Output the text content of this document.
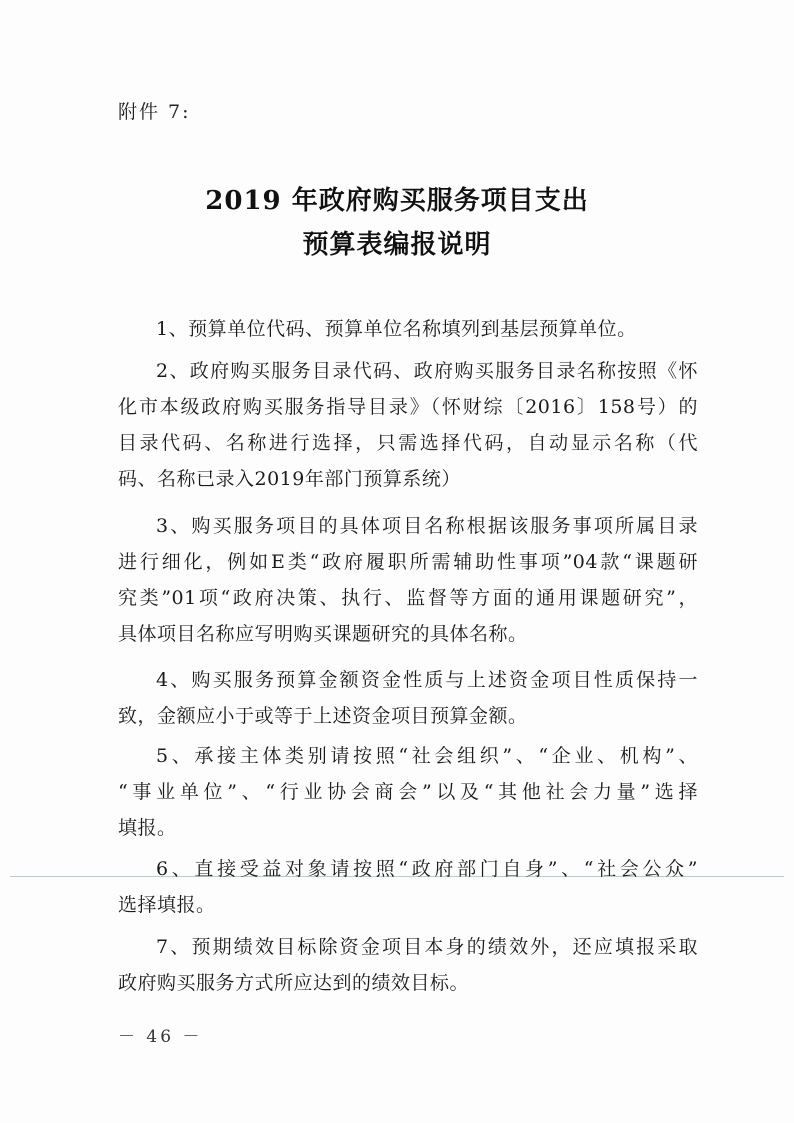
附件 7:
2019 年政府购买服务项目支出
预算表编报说明
1、预算单位代码、预算单位名称填列到基层预算单位。
2、政府购买服务目录代码、政府购买服务目录名称按照《怀
化市本级政府购买服务指导目录》（怀财综〔2016〕158号）的
目录代码、名称进行选择，只需选择代码，自动显示名称（代
码、名称已录入2019年部门预算系统）
3、购买服务项目的具体项目名称根据该服务事项所属目录
进行细化，例如E类“政府履职所需辅助性事项”04款“课题研
究类”01项“政府决策、执行、监督等方面的通用课题研究”，
具体项目名称应写明购买课题研究的具体名称。
4、购买服务预算金额资金性质与上述资金项目性质保持一
致，金额应小于或等于上述资金项目预算金额。
5、承接主体类别请按照“社会组织”、“企业、机构”、
“事业单位”、“行业协会商会”以及“其他社会力量”选择
填报。
6、直接受益对象请按照“政府部门自身”、“社会公众”
选择填报。
7、预期绩效目标除资金项目本身的绩效外，还应填报采取
政府购买服务方式所应达到的绩效目标。
－ 46 －
